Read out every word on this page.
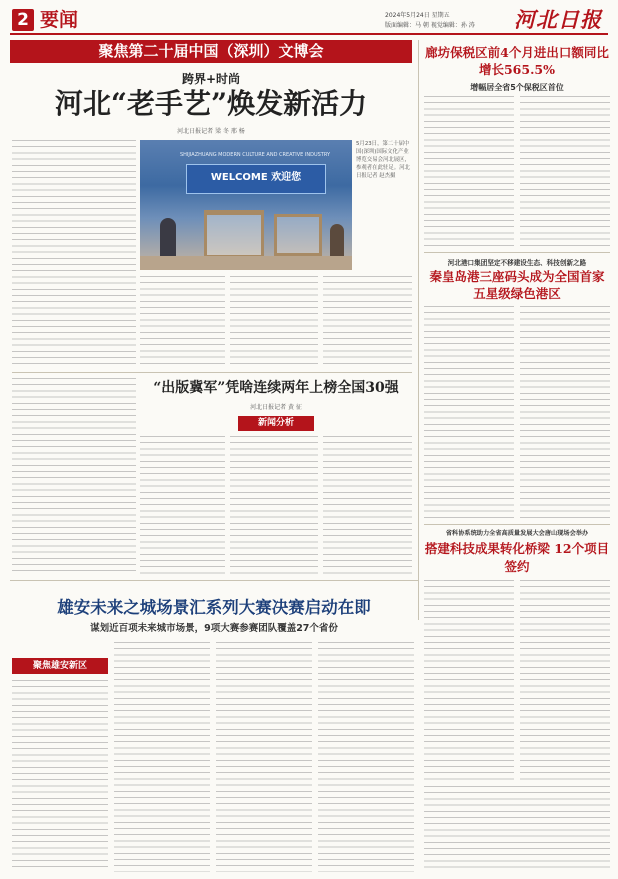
2 要闻	2024年5月24日 星期五
版面编辑：马 朝 视觉编辑：孙 涛 河北日报
聚焦第二十届中国（深圳）文博会
跨界+时尚
河北“老手艺”焕发新活力
河北日报记者 梁 冬 邢 杨
WELCOME 欢迎您
SHIJIAZHUANG MODERN CULTURE AND CREATIVE INDUSTRY
5月23日，第二十届中国(深圳)国际文化产业博览交易会河北展区，参观者在此驻足。河北日报记者 赵杰摄
“出版冀军”凭啥连续两年上榜全国30强
河北日报记者 黄 征
新闻分析
廊坊保税区前4个月进出口额同比增长565.5%
增幅居全省5个保税区首位
河北港口集团坚定不移建设生态、科技创新之路
秦皇岛港三座码头成为全国首家五星级绿色港区
省科协系统助力全省高质量发展大会唐山现场会举办
搭建科技成果转化桥梁 12个项目签约
雄安未来之城场景汇系列大赛决赛启动在即
谋划近百项未来城市场景，9项大赛参赛团队覆盖27个省份
聚焦雄安新区
